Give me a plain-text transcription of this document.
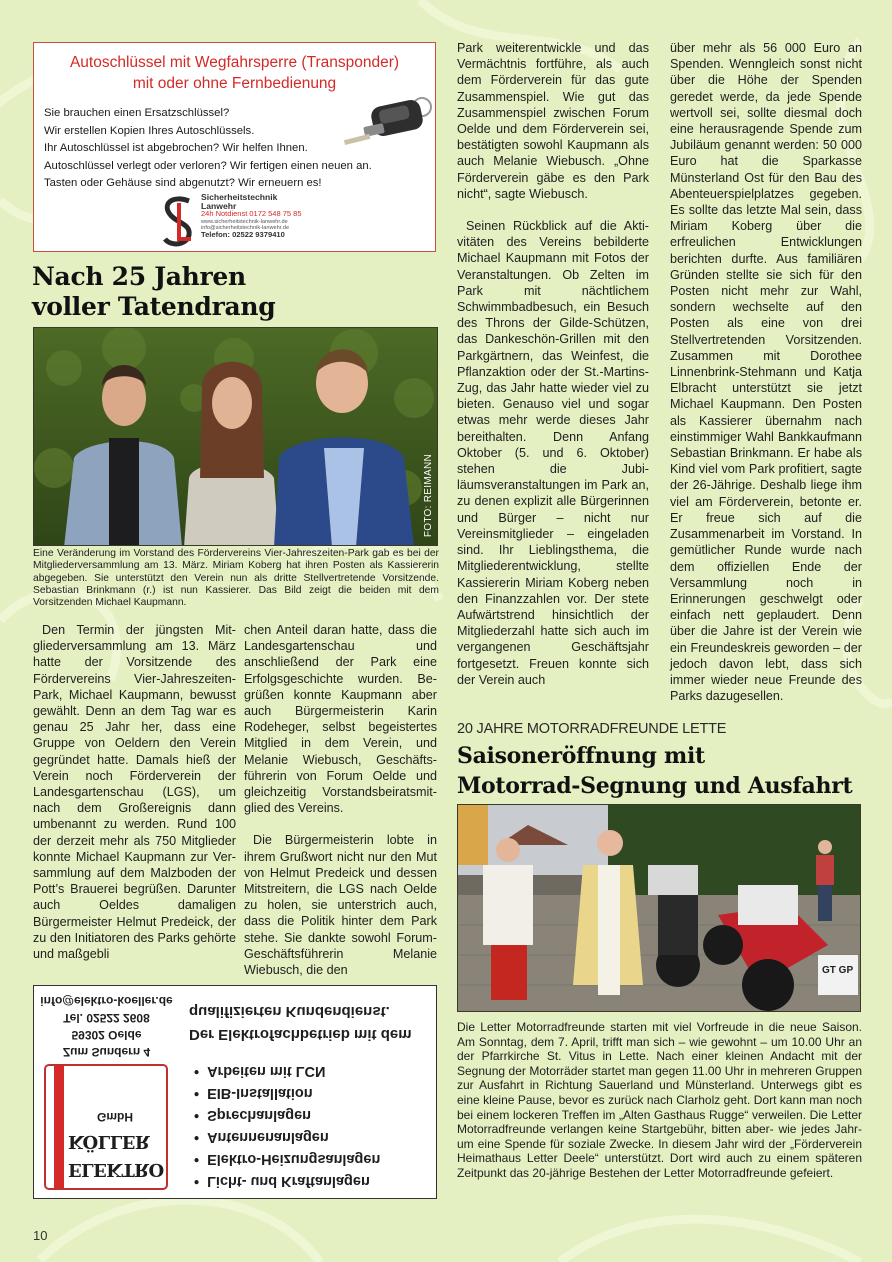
Autoschlüssel mit Wegfahrsperre (Transponder)
mit oder ohne Fernbedienung
Sie brauchen einen Ersatzschlüssel?
Wir erstellen Kopien Ihres Autoschlüssels.
Ihr Autoschlüssel ist abgebrochen? Wir helfen Ihnen.
Autoschlüssel verlegt oder verloren? Wir fertigen einen neuen an.
Tasten oder Gehäuse sind abgenutzt? Wir erneuern es!
Sicherheitstechnik
Lanwehr
24h Notdienst 0172 548 75 85
www.sicherheitstechnik-lanwehr.de
info@sicherheitstechnik-lanwehr.de
Telefon: 02522 9379410
Nach 25 Jahren
voller Tatendrang
FOTO: REIMANN
Eine Veränderung im Vorstand des Fördervereins Vier-Jahreszeiten-Park gab es bei der Mitgliederversammlung am 13. März. Miriam Koberg hat ihren Posten als Kassiererin abgegeben. Sie unterstützt den Verein nun als dritte Stellvertretende Vorsitzende. Sebastian Brinkmann (r.) ist nun Kassierer. Das Bild zeigt die beiden mit dem Vorsitzenden Michael Kaupmann.

Den Termin der jüngsten Mitgliederversammlung am 13. März hatte der Vorsitzende des Fördervereins Vier-Jahreszeiten-Park, Michael Kaupmann, bewusst gewählt. Denn an dem Tag war es genau 25 Jahr her, dass eine Gruppe von Oeldern den Verein gegründet hatte. Damals hieß der Verein noch Förderverein der Landesgartenschau (LGS), um nach dem Großereignis dann umbenannt zu werden. Rund 100 der derzeit mehr als 750 Mitglieder konnte Michael Kaupmann zur Versammlung auf dem Malzboden der Pott’s Brauerei begrüßen. Darunter auch Oeldes damaligen Bürgermeister Helmut Predeick, der zu den Initiatoren des Parks gehörte und maßgebli

chen Anteil daran hatte, dass die Landesgartenschau und anschließend der Park eine Erfolgsgeschichte wurden. Begrüßen konnte Kaupmann aber auch Bürgermeisterin Karin Rodeheger, selbst begeistertes Mitglied in dem Verein, und Melanie Wiebusch, Geschäftsführerin von Forum Oelde und gleichzeitig Vorstandsbeiratsmitglied des Vereins.

Die Bürgermeisterin lobte in ihrem Grußwort nicht nur den Mut von Helmut Predeick und dessen Mitstreitern, die LGS nach Oelde zu holen, sie unterstrich auch, dass die Politik hinter dem Park stehe. Sie dankte sowohl Forum-Geschäftsführerin Melanie Wiebusch, die den

Park weiterentwickle und das Vermächtnis fortführe, als auch dem Förderverein für das gute Zusammenspiel. Wie gut das Zusammenspiel zwischen Forum Oelde und dem Förderverein sei, bestätigten sowohl Kaupmann als auch Melanie Wiebusch. „Ohne Förderverein gäbe es den Park nicht“, sagte Wiebusch.

Seinen Rückblick auf die Aktivitäten des Vereins bebilderte Michael Kaupmann mit Fotos der Veranstaltungen. Ob Zelten im Park mit nächtlichem Schwimmbadbesuch, ein Besuch des Throns der Gilde-Schützen, das Dankeschön-Grillen mit den Parkgärtnern, das Weinfest, die Pflanzaktion oder der St.-Martins-Zug, das Jahr hatte wieder viel zu bieten. Genauso viel und sogar etwas mehr werde dieses Jahr bereithalten. Denn Anfang Oktober (5. und 6. Oktober) stehen die Jubiläumsveranstaltungen im Park an, zu denen explizit alle Bürgerinnen und Bürger – nicht nur Vereinsmitglieder – eingeladen sind. Ihr Lieblingsthema, die Mitgliederentwicklung, stellte Kassiererin Miriam Koberg neben den Finanzzahlen vor. Der stete Aufwärtstrend hinsichtlich der Mitgliederzahl hatte sich auch im vergangenen Geschäftsjahr fortgesetzt. Freuen konnte sich der Verein auch

über mehr als 56 000 Euro an Spenden. Wenngleich sonst nicht über die Höhe der Spenden geredet werde, da jede Spende wertvoll sei, sollte diesmal doch eine herausragende Spende zum Jubiläum genannt werden: 50 000 Euro hat die Sparkasse Münsterland Ost für den Bau des Abenteuerspielplatzes gegeben. Es sollte das letzte Mal sein, dass Miriam Koberg über die erfreulichen Entwicklungen berichten durfte. Aus familiären Gründen stellte sie sich für den Posten nicht mehr zur Wahl, sondern wechselte auf den Posten als eine von drei Stellvertretenden Vorsitzenden. Zusammen mit Dorothee Linnenbrink-Stehmann und Katja Elbracht unterstützt sie jetzt Michael Kaupmann. Den Posten als Kassierer übernahm nach einstimmiger Wahl Bankkaufmann Sebastian Brinkmann. Er habe als Kind viel vom Park profitiert, sagte der 26-Jährige. Deshalb liege ihm viel am Förderverein, betonte er. Er freue sich auf die Zusammenarbeit im Vorstand. In gemütlicher Runde wurde nach dem offiziellen Ende der Versammlung noch in Erinnerungen geschwelgt oder einfach nett geplaudert. Denn über die Jahre ist der Verein wie ein Freundeskreis geworden – der jedoch davon lebt, dass sich immer wieder neue Freunde des Parks dazugesellen.

20 JAHRE MOTORRADFREUNDE LETTE
Saisoneröffnung mit
Motorrad-Segnung und Ausfahrt
GT GP
Die Letter Motorradfreunde starten mit viel Vorfreude in die neue Saison. Am Sonntag, dem 7. April, trifft man sich – wie gewohnt – um 10.00 Uhr an der Pfarrkirche St. Vitus in Lette. Nach einer kleinen Andacht mit der Segnung der Motorräder startet man gegen 11.00 Uhr in mehreren Gruppen zur Ausfahrt in Richtung Sauerland und Münsterland. Unterwegs gibt es eine kleine Pause, bevor es zurück nach Clarholz geht. Dort kann man noch bei einem lockeren Treffen im „Alten Gasthaus Rugge“ verweilen. Die Letter Motorradfreunde verlangen keine Startgebühr, bitten aber- wie jedes Jahr- um eine Spende für soziale Zwecke. In diesem Jahr wird der „Förderverein Heimathaus Letter Deele“ unterstützt. Dort wird auch zu einem späteren Zeitpunkt das 20-jährige Bestehen der Letter Motorradfreunde gefeiert.
ELEKTRO
KÖLLER
GmbH
• Licht- und Kraftanlagen
• Elektro-Heizungsanlagen
• Antennenanlagen
• Sprechanlagen
• EIB-Installation
• Arbeiten mit LCN
Der Elektrofachbetrieb mit dem
qualifizierten Kundendienst.
Zum Sundern 4
59302 Oelde
Tel. 02522 2608
info@elektro-koeller.de
10
